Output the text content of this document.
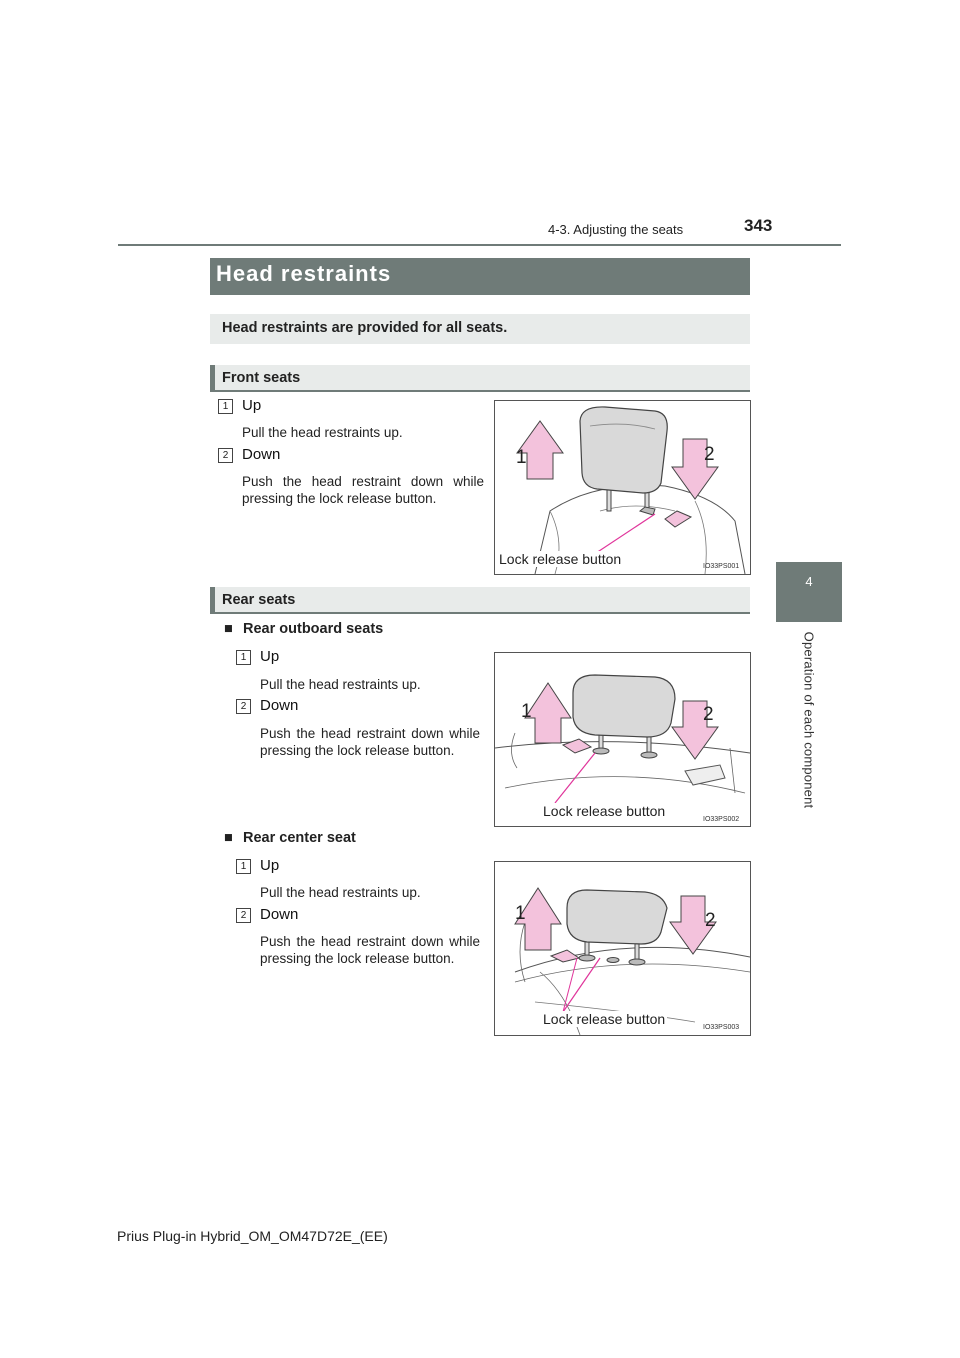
4-3. Adjusting the seats	343
4
Operation of each component
Head restraints
Head restraints are provided for all seats.
Front seats
1 Up
Pull the head restraints up.
2 Down
Push the head restraint down while pressing the lock release button.
1	2
Lock release button	IO33PS001
Rear seats
■ Rear outboard seats
1 Up
Pull the head restraints up.
2 Down
Push the head restraint down while pressing the lock release button.
1	2
Lock release button
IO33PS002
■ Rear center seat
1 Up
Pull the head restraints up.
2 Down
Push the head restraint down while pressing the lock release button.
1	2
Lock release button
IO33PS003
Prius Plug-in Hybrid_OM_OM47D72E_(EE)
